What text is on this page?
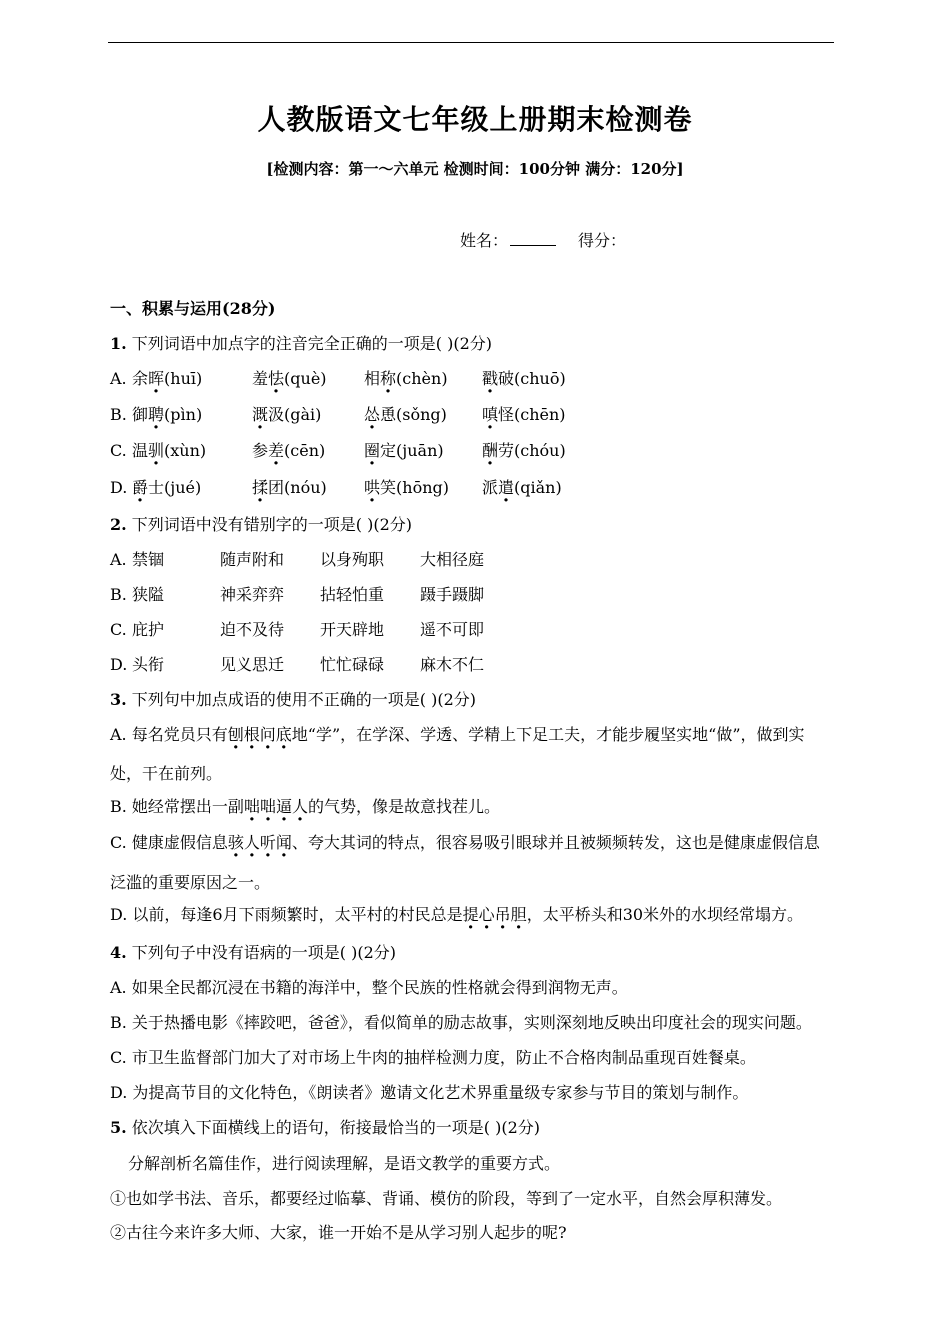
人教版语文七年级上册期末检测卷
[检测内容：第一～六单元 检测时间：100分钟 满分：120分]
姓名：	得分：
一、积累与运用(28分)
1. 下列词语中加点字的注音完全正确的一项是( )(2分)
A. 余晖(huī)	羞怯(què) 相称(chèn) 戳破(chuō)
B. 御聘(pìn)	溉汲(gài)	怂恿(sǒng) 嗔怪(chēn)
C. 温驯(xùn)	参差(cēn) 圈定(juān) 酬劳(chóu)
D. 爵士(jué)	揉团(nóu) 哄笑(hōng) 派遣(qiǎn)
2. 下列词语中没有错别字的一项是( )(2分)
A. 禁锢	随声附和 以身殉职 大相径庭
B. 狭隘	神采弈弈 拈轻怕重 蹑手蹑脚
C. 庇护	迫不及待 开天辟地 遥不可即
D. 头衔	见义思迁 忙忙碌碌 麻木不仁
3. 下列句中加点成语的使用不正确的一项是( )(2分)
A. 每名党员只有刨根问底地“学”，在学深、学透、学精上下足工夫，才能步履坚实地“做”，做到实
处，干在前列。
B. 她经常摆出一副咄咄逼人的气势，像是故意找茬儿。
C. 健康虚假信息骇人听闻、夸大其词的特点，很容易吸引眼球并且被频频转发，这也是健康虚假信息
泛滥的重要原因之一。
D. 以前，每逢6月下雨频繁时，太平村的村民总是提心吊胆，太平桥头和30米外的水坝经常塌方。
4. 下列句子中没有语病的一项是( )(2分)
A. 如果全民都沉浸在书籍的海洋中，整个民族的性格就会得到润物无声。
B. 关于热播电影《摔跤吧，爸爸》，看似简单的励志故事，实则深刻地反映出印度社会的现实问题。
C. 市卫生监督部门加大了对市场上牛肉的抽样检测力度，防止不合格肉制品重现百姓餐桌。
D. 为提高节目的文化特色，《朗读者》邀请文化艺术界重量级专家参与节目的策划与制作。
5. 依次填入下面横线上的语句，衔接最恰当的一项是( )(2分)
分解剖析名篇佳作，进行阅读理解，是语文教学的重要方式。
①也如学书法、音乐，都要经过临摹、背诵、模仿的阶段，等到了一定水平，自然会厚积薄发。
②古往今来许多大师、大家，谁一开始不是从学习别人起步的呢?
